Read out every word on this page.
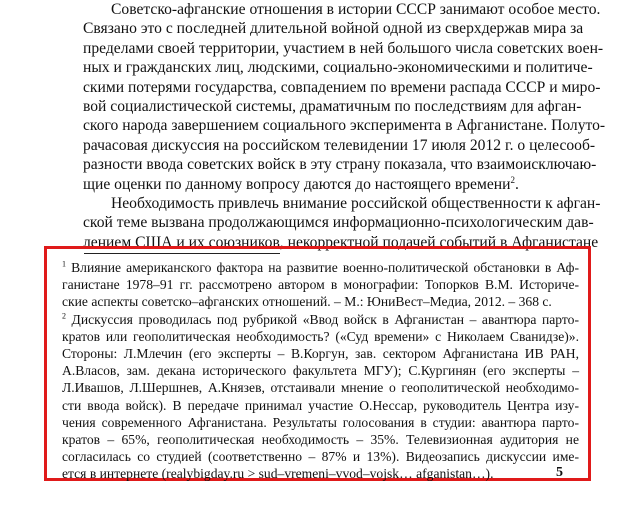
Советско-афганские отношения в истории СССР занимают особое место.
Связано это с последней длительной войной одной из сверхдержав мира за
пределами своей территории, участием в ней большого числа советских воен-
ных и гражданских лиц, людскими, социально-экономическими и политиче-
скими потерями государства, совпадением по времени распада СССР и миро-
вой социалистической системы, драматичным по последствиям для афган-
ского народа завершением социального эксперимента в Афганистане. Полуто-
рачасовая дискуссия на российском телевидении 17 июля 2012 г. о целесооб-
разности ввода советских войск в эту страну показала, что взаимоисключаю-
щие оценки по данному вопросу даются до настоящего времени$^2$.
Необходимость привлечь внимание российской общественности к афган-
ской теме вызвана продолжающимся информационно-психологическим дав-
лением США и их союзников, некорректной подачей событий в Афганистане
$^1$ Влияние американского фактора на развитие военно-политической обстановки в Аф-
ганистане 1978–91 гг. рассмотрено автором в монографии: Топорков В.М. Историче-
ские аспекты советско–афганских отношений. – М.: ЮниВест–Медиа, 2012. – 368 с.
$^2$ Дискуссия проводилась под рубрикой «Ввод войск в Афганистан – авантюра парто-
кратов или геополитическая необходимость? («Суд времени» с Николаем Сванидзе)».
Стороны: Л.Млечин (его эксперты – В.Коргун, зав. сектором Афганистана ИВ РАН,
А.Власов, зам. декана исторического факультета МГУ); С.Кургинян (его эксперты –
Л.Ивашов, Л.Шершнев, А.Князев, отстаивали мнение о геополитической необходимо-
сти ввода войск). В передаче принимал участие О.Нессар, руководитель Центра изу-
чения современного Афганистана. Результаты голосования в студии: авантюра парто-
кратов – 65%, геополитическая необходимость – 35%. Телевизионная аудитория не
согласилась со студией (соответственно – 87% и 13%). Видеозапись дискуссии име-
ется в интернете (realybigday.ru > sud–vremeni–vvod–vojsk… afganistan…).	5
